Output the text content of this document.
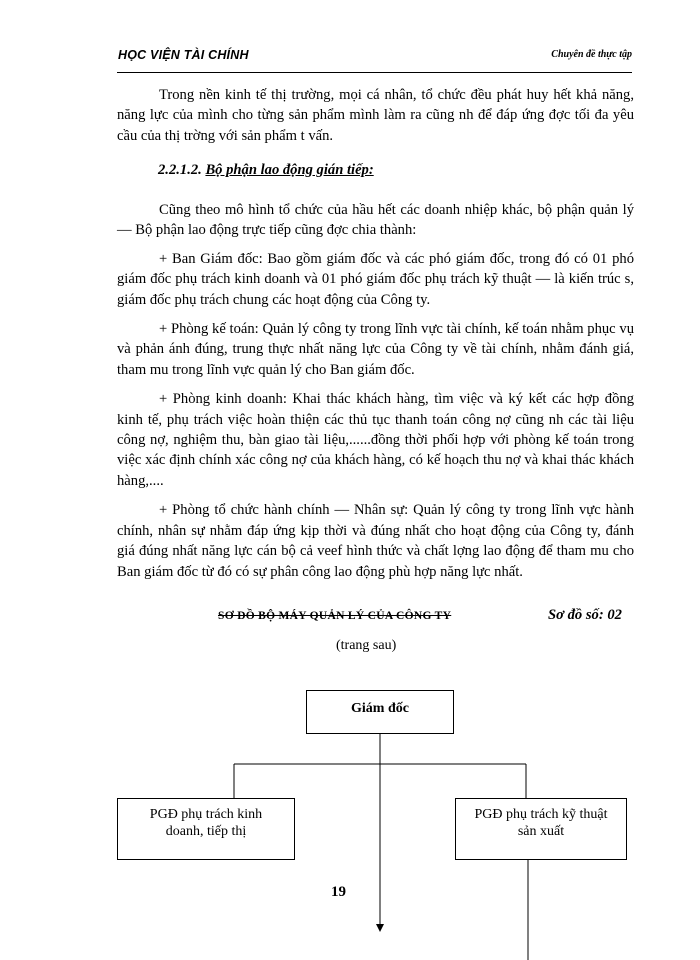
HỌC VIỆN TÀI CHÍNH	Chuyên đề thực tập

Trong nền kinh tế thị trường, mọi cá nhân, tổ chức đều phát huy hết khả năng, năng lực của mình cho từng sản phẩm mình làm ra cũng nh để đáp ứng đợc tối đa yêu cầu của thị trờng với sản phẩm t vấn.

2.2.1.2. Bộ phận lao động gián tiếp:

Cũng theo mô hình tổ chức của hầu hết các doanh nhiệp khác, bộ phận quản lý — Bộ phận lao động trực tiếp cũng đợc chia thành:

+ Ban Giám đốc: Bao gồm giám đốc và các phó giám đốc, trong đó có 01 phó giám đốc phụ trách kinh doanh và 01 phó giám đốc phụ trách kỹ thuật — là kiến trúc s, giám đốc phụ trách chung các hoạt động của Công ty.

+ Phòng kế toán: Quản lý công ty trong lĩnh vực tài chính, kế toán nhằm phục vụ và phản ánh đúng, trung thực nhất năng lực của Công ty về tài chính, nhằm đánh giá, tham mu trong lĩnh vực quản lý cho Ban giám đốc.

+ Phòng kinh doanh: Khai thác khách hàng, tìm việc và ký kết các hợp đồng kinh tế, phụ trách việc hoàn thiện các thủ tục thanh toán công nợ cũng nh các tài liệu công nợ, nghiệm thu, bàn giao tài liệu,......đồng thời phối hợp với phòng kế toán trong việc xác định chính xác công nợ của khách hàng, có kế hoạch thu nợ và khai thác khách hàng,....

+ Phòng tổ chức hành chính — Nhân sự: Quản lý công ty trong lĩnh vực hành chính, nhân sự nhằm đáp ứng kịp thời và đúng nhất cho hoạt động của Công ty, đánh giá đúng nhất năng lực cán bộ cả veef hình thức và chất lợng lao động để tham mu cho Ban giám đốc từ đó có sự phân công lao động phù hợp năng lực nhất.

SƠ ĐỒ BỘ MÁY QUẢN LÝ CỦA CÔNG TY	Sơ đồ số: 02
(trang sau)
Giám đốc
PGĐ phụ trách kinh doanh, tiếp thị
PGĐ phụ trách kỹ thuật sản xuất
19
